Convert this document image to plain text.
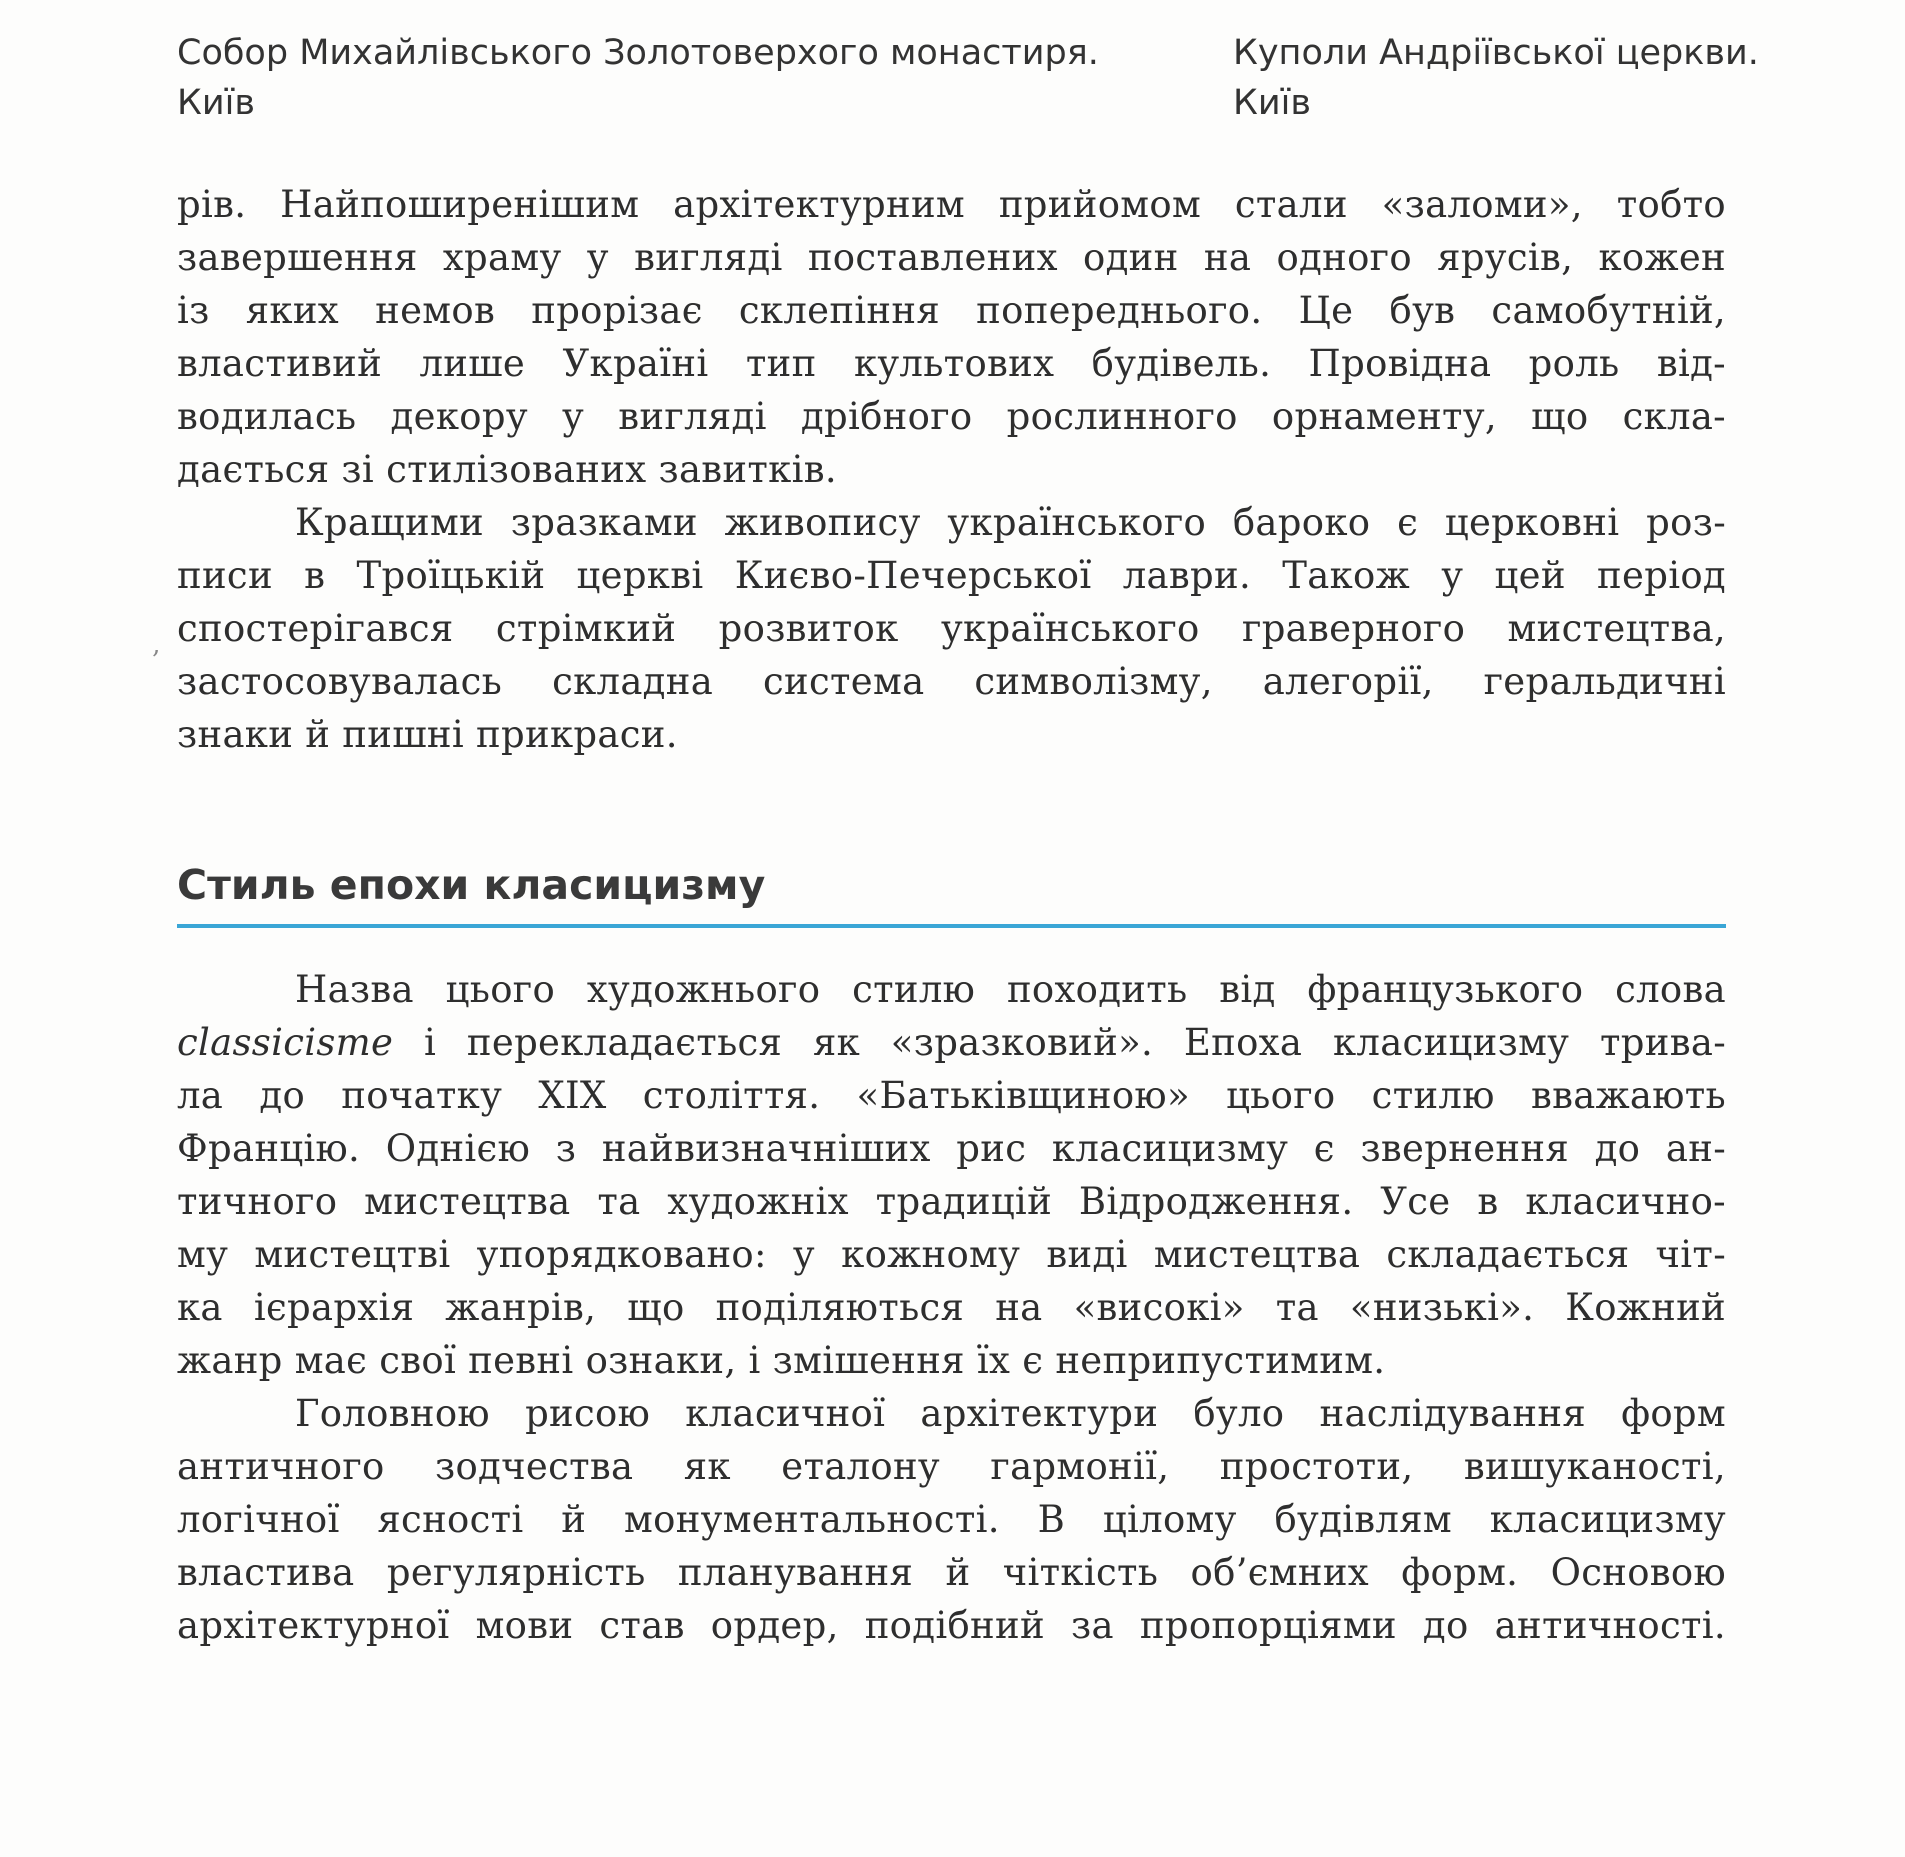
Собор Михайлівського Золотоверхого монастиря.
Київ
Куполи Андріївської церкви.
Київ
рів. Найпоширенішим архітектурним прийомом стали «заломи», тобто
завершення храму у вигляді поставлених один на одного ярусів, кожен
із яких немов прорізає склепіння попереднього. Це був самобутній,
властивий лише Україні тип культових будівель. Провідна роль від-
водилась декору у вигляді дрібного рослинного орнаменту, що скла-
дається зі стилізованих завитків.
Кращими зразками живопису українського бароко є церковні роз-
писи в Троїцькій церкві Києво-Печерської лаври. Також у цей період
спостерігався стрімкий розвиток українського граверного мистецтва,
застосовувалась складна система символізму, алегорії, геральдичні
знаки й пишні прикраси.
‚
Стиль епохи класицизму
Назва цього художнього стилю походить від французького слова
classicisme і перекладається як «зразковий». Епоха класицизму трива-
ла до початку XIX століття. «Батьківщиною» цього стилю вважають
Францію. Однією з найвизначніших рис класицизму є звернення до ан-
тичного мистецтва та художніх традицій Відродження. Усе в класично-
му мистецтві упорядковано: у кожному виді мистецтва складається чіт-
ка ієрархія жанрів, що поділяються на «високі» та «низькі». Кожний
жанр має свої певні ознаки, і змішення їх є неприпустимим.
Головною рисою класичної архітектури було наслідування форм
античного зодчества як еталону гармонії, простоти, вишуканості,
логічної ясності й монументальності. В цілому будівлям класицизму
властива регулярність планування й чіткість об’ємних форм. Основою
архітектурної мови став ордер, подібний за пропорціями до античності.
